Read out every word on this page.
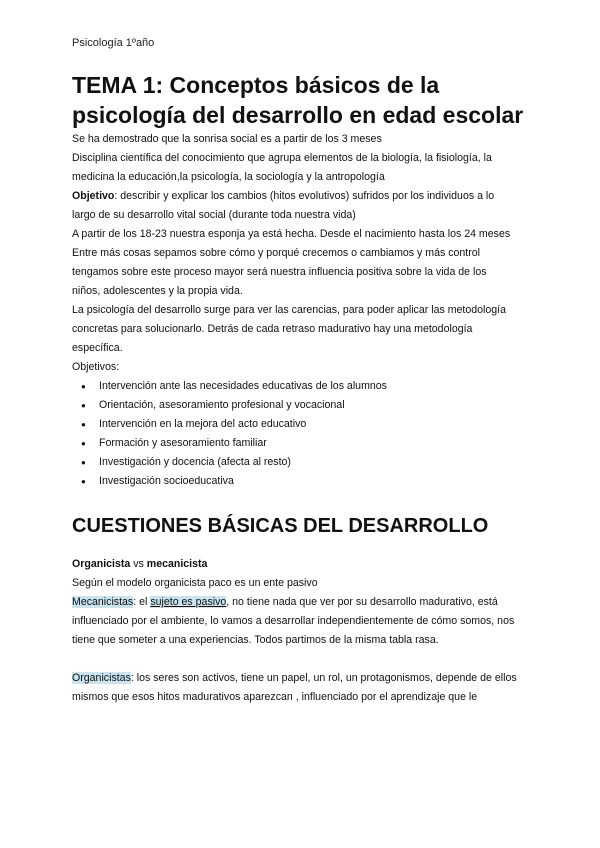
Psicología 1ºaño
TEMA 1: Conceptos básicos de la psicología del desarrollo en edad escolar

Se ha demostrado que la sonrisa social es a partir de los 3 meses

Disciplina científica del conocimiento que agrupa elementos de la biología, la fisiología, la medicina la educación,la psicología, la sociología y la antropología

Objetivo: describir y explicar los cambios (hitos evolutivos) sufridos por los individuos a lo largo de su desarrollo vital social (durante toda nuestra vida)

A partir de los 18-23 nuestra esponja ya está hecha. Desde el nacimiento hasta los 24 meses

Entre más cosas sepamos sobre cómo y porqué crecemos o cambiamos y más control tengamos sobre este proceso mayor será nuestra influencia positiva sobre la vida de los niños, adolescentes y la propia vida.

La psicología del desarrollo surge para ver las carencias, para poder aplicar las metodología concretas para solucionarlo. Detrás de cada retraso madurativo hay una metodología específica.

Objetivos:

● Intervención ante las necesidades educativas de los alumnos
● Orientación, asesoramiento profesional y vocacional
● Intervención en la mejora del acto educativo
● Formación y asesoramiento familiar
● Investigación y docencia (afecta al resto)
● Investigación socioeducativa
CUESTIONES BÁSICAS DEL DESARROLLO

Organicista vs mecanicista

Según el modelo organicista paco es un ente pasivo

Mecanicistas: el sujeto es pasivo, no tiene nada que ver por su desarrollo madurativo, está influenciado por el ambiente, lo vamos a desarrollar independientemente de cómo somos, nos tiene que someter a una experiencias. Todos partimos de la misma tabla rasa.

Organicistas: los seres son activos, tiene un papel, un rol, un protagonismos, depende de ellos mismos que esos hitos madurativos aparezcan , influenciado por el aprendizaje que le
